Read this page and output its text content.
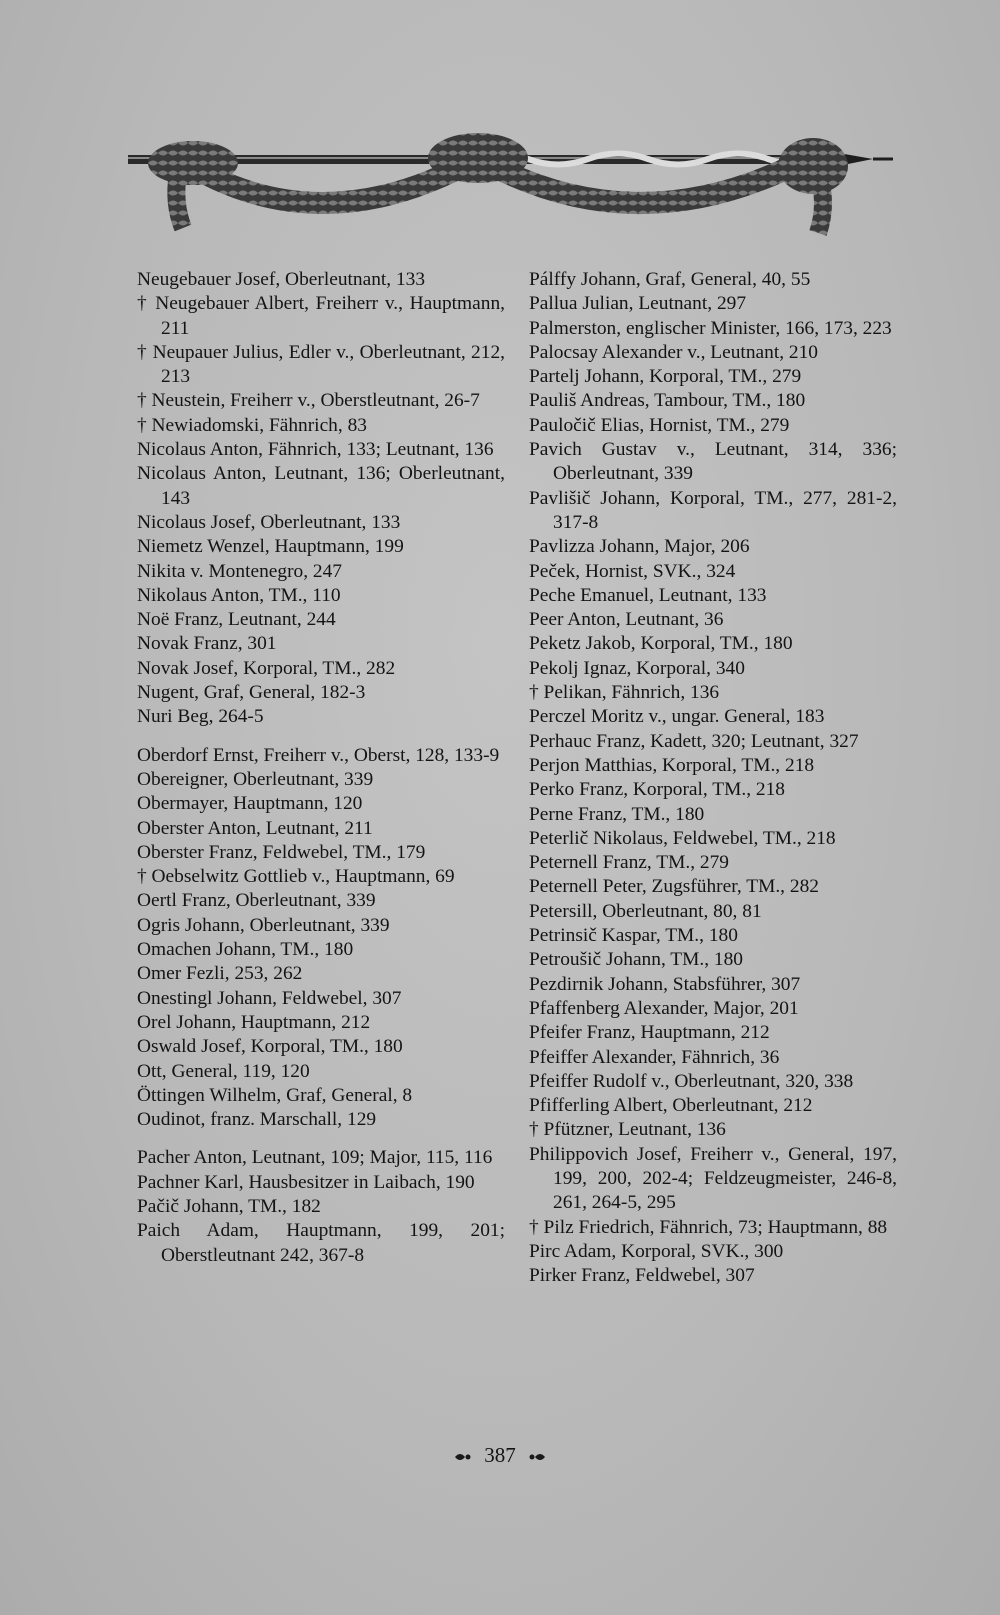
Neugebauer Josef, Oberleutnant, 133
† Neugebauer Albert, Freiherr v., Hauptmann, 211
† Neupauer Julius, Edler v., Oberleutnant, 212, 213
† Neustein, Freiherr v., Oberstleutnant, 26-7
† Newiadomski, Fähnrich, 83
Nicolaus Anton, Fähnrich, 133; Leutnant, 136
Nicolaus Anton, Leutnant, 136; Oberleutnant, 143
Nicolaus Josef, Oberleutnant, 133
Niemetz Wenzel, Hauptmann, 199
Nikita v. Montenegro, 247
Nikolaus Anton, TM., 110
Noë Franz, Leutnant, 244
Novak Franz, 301
Novak Josef, Korporal, TM., 282
Nugent, Graf, General, 182-3
Nuri Beg, 264-5
Oberdorf Ernst, Freiherr v., Oberst, 128, 133-9
Obereigner, Oberleutnant, 339
Obermayer, Hauptmann, 120
Oberster Anton, Leutnant, 211
Oberster Franz, Feldwebel, TM., 179
† Oebselwitz Gottlieb v., Hauptmann, 69
Oertl Franz, Oberleutnant, 339
Ogris Johann, Oberleutnant, 339
Omachen Johann, TM., 180
Omer Fezli, 253, 262
Onestingl Johann, Feldwebel, 307
Orel Johann, Hauptmann, 212
Oswald Josef, Korporal, TM., 180
Ott, General, 119, 120
Öttingen Wilhelm, Graf, General, 8
Oudinot, franz. Marschall, 129
Pacher Anton, Leutnant, 109; Major, 115, 116
Pachner Karl, Hausbesitzer in Laibach, 190
Pačič Johann, TM., 182
Paich Adam, Hauptmann, 199, 201; Oberstleutnant 242, 367-8
Pálffy Johann, Graf, General, 40, 55
Pallua Julian, Leutnant, 297
Palmerston, englischer Minister, 166, 173, 223
Palocsay Alexander v., Leutnant, 210
Partelj Johann, Korporal, TM., 279
Pauliš Andreas, Tambour, TM., 180
Pauločič Elias, Hornist, TM., 279
Pavich Gustav v., Leutnant, 314, 336; Oberleutnant, 339
Pavlišič Johann, Korporal, TM., 277, 281-2, 317-8
Pavlizza Johann, Major, 206
Peček, Hornist, SVK., 324
Peche Emanuel, Leutnant, 133
Peer Anton, Leutnant, 36
Peketz Jakob, Korporal, TM., 180
Pekolj Ignaz, Korporal, 340
† Pelikan, Fähnrich, 136
Perczel Moritz v., ungar. General, 183
Perhauc Franz, Kadett, 320; Leutnant, 327
Perjon Matthias, Korporal, TM., 218
Perko Franz, Korporal, TM., 218
Perne Franz, TM., 180
Peterlič Nikolaus, Feldwebel, TM., 218
Peternell Franz, TM., 279
Peternell Peter, Zugsführer, TM., 282
Petersill, Oberleutnant, 80, 81
Petrinsič Kaspar, TM., 180
Petroušič Johann, TM., 180
Pezdirnik Johann, Stabsführer, 307
Pfaffenberg Alexander, Major, 201
Pfeifer Franz, Hauptmann, 212
Pfeiffer Alexander, Fähnrich, 36
Pfeiffer Rudolf v., Oberleutnant, 320, 338
Pfifferling Albert, Oberleutnant, 212
† Pfützner, Leutnant, 136
Philippovich Josef, Freiherr v., General, 197, 199, 200, 202-4; Feldzeugmeister, 246-8, 261, 264-5, 295
† Pilz Friedrich, Fähnrich, 73; Hauptmann, 88
Pirc Adam, Korporal, SVK., 300
Pirker Franz, Feldwebel, 307
387
